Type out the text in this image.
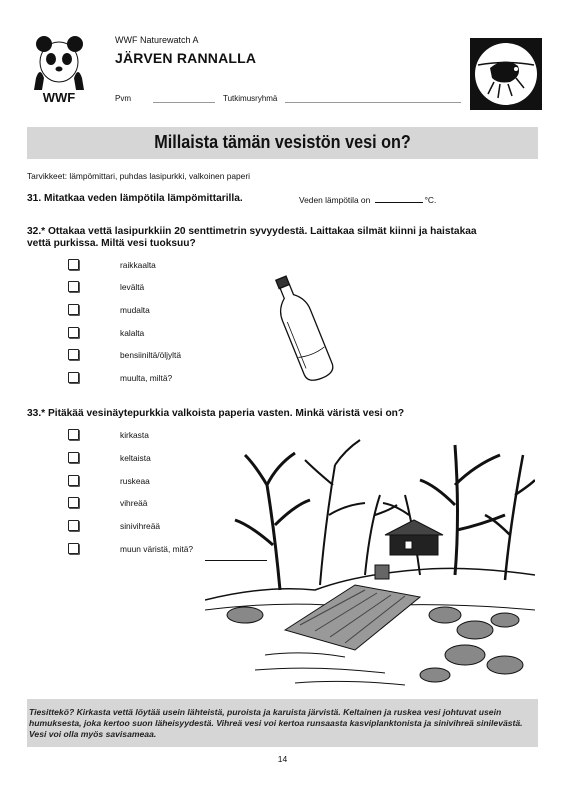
WWF
WWF Naturewatch A
JÄRVEN RANNALLA
Pvm	Tutkimusryhmä
Millaista tämän vesistön vesi on?
Tarvikkeet: lämpömittari, puhdas lasipurkki, valkoinen paperi
31. Mitatkaa veden lämpötila lämpömittarilla.	Veden lämpötila on	°C.
32.* Ottakaa vettä lasipurkkiin 20 senttimetrin syvyydestä. Laittakaa silmät kiinni ja haistakaa vettä purkissa. Miltä vesi tuoksuu?
raikkaalta
levältä
mudalta
kalalta
bensiiniltä/öljyltä
muulta, miltä?
33.* Pitäkää vesinäytepurkkia valkoista paperia vasten. Minkä väristä vesi on?
kirkasta
keltaista
ruskeaa
vihreää
sinivihreää
muun väristä, mitä?
Tiesittekö? Kirkasta vettä löytää usein lähteistä, puroista ja karuista järvistä. Keltainen ja ruskea vesi johtuvat usein humuksesta, joka kertoo suon läheisyydestä. Vihreä vesi voi kertoa runsaasta kasviplanktonista ja sinivihreä sinilevästä. Vesi voi olla myös savisameaa.
14
